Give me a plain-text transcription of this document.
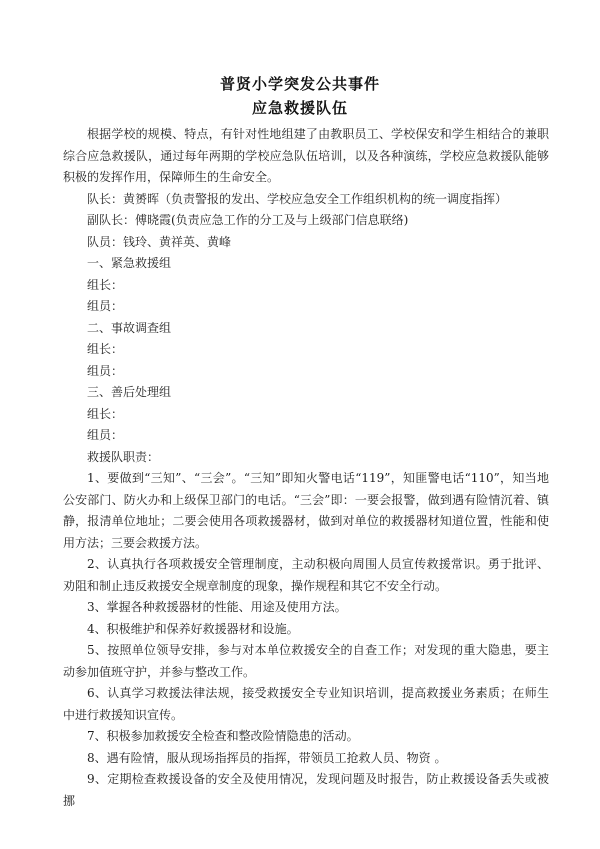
普贤小学突发公共事件
应急救援队伍

根据学校的规模、特点，有针对性地组建了由教职员工、学校保安和学生相结合的兼职综合应急救援队，通过每年两期的学校应急队伍培训，以及各种演练，学校应急救援队能够积极的发挥作用，保障师生的生命安全。

队长：黄赟晖（负责警报的发出、学校应急安全工作组织机构的统一调度指挥）

副队长：傅晓霞(负责应急工作的分工及与上级部门信息联络)

队员：钱玲、黄祥英、黄峰

一、紧急救援组

组长：

组员：

二、事故调查组

组长：

组员：

三、善后处理组

组长：

组员：

救援队职责：

1、要做到“三知”、“三会”。“三知”即知火警电话“119”，知匪警电话“110”，知当地公安部门、防火办和上级保卫部门的电话。“三会”即：一要会报警，做到遇有险情沉着、镇静，报清单位地址；二要会使用各项救援器材，做到对单位的救援器材知道位置，性能和使用方法；三要会救援方法。

2、认真执行各项救援安全管理制度，主动积极向周围人员宣传救援常识。勇于批评、劝阻和制止违反救援安全规章制度的现象，操作规程和其它不安全行动。

3、掌握各种救援器材的性能、用途及使用方法。

4、积极维护和保养好救援器材和设施。

5、按照单位领导安排，参与对本单位救援安全的自查工作；对发现的重大隐患，要主动参加值班守护，并参与整改工作。

6、认真学习救援法律法规，接受救援安全专业知识培训，提高救援业务素质；在师生中进行救援知识宣传。

7、积极参加救援安全检查和整改险情隐患的活动。

8、遇有险情，服从现场指挥员的指挥，带领员工抢救人员、物资 。

9、定期检查救援设备的安全及使用情况，发现问题及时报告，防止救援设备丢失或被挪
